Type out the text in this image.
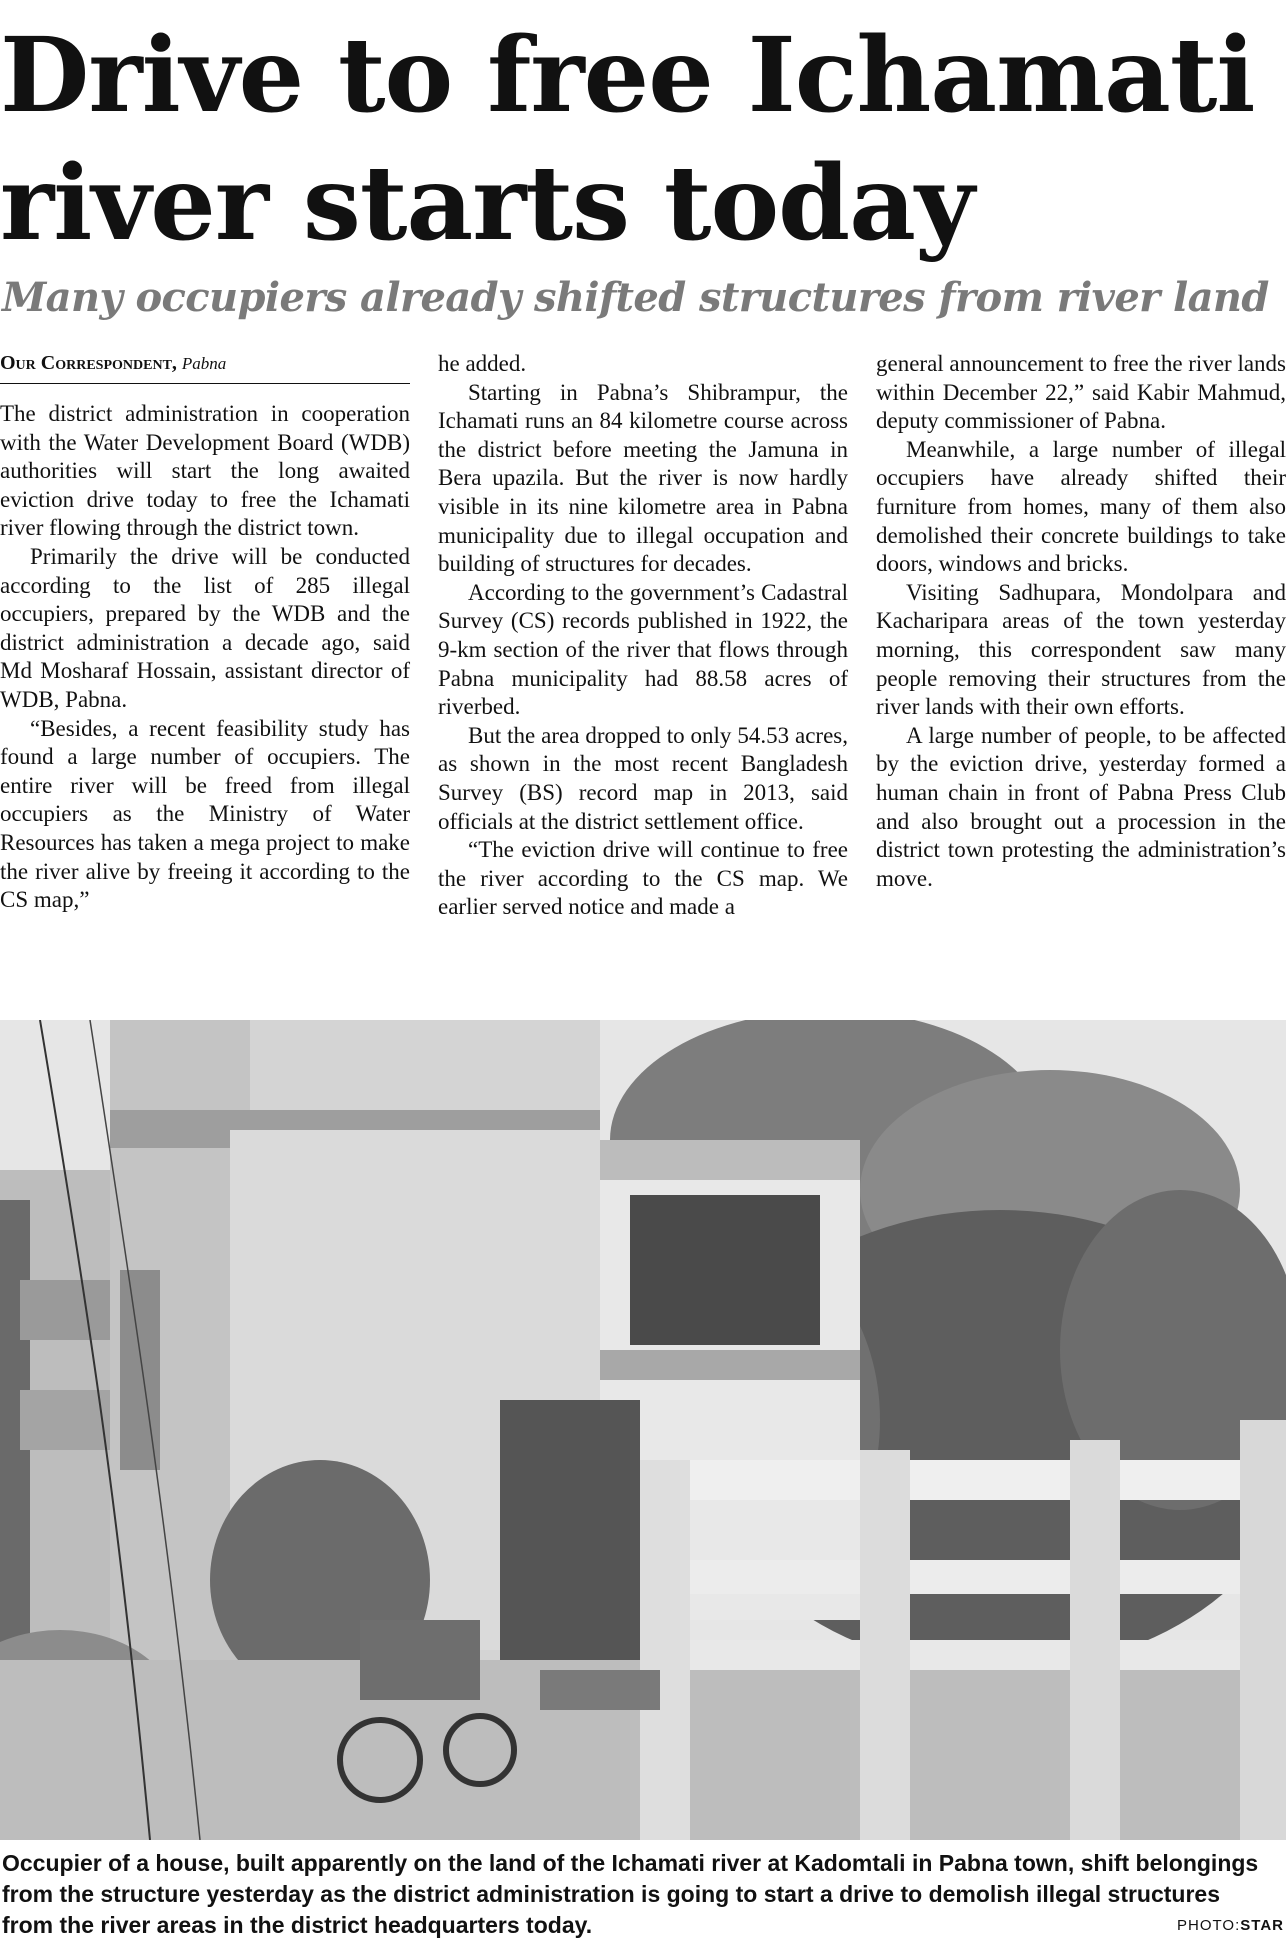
Drive to free Ichamati
river starts today
Many occupiers already shifted structures from river land
Our Correspondent, Pabna

The district administration in cooperation with the Water Development Board (WDB) authorities will start the long awaited eviction drive today to free the Ichamati river flowing through the district town.

Primarily the drive will be conducted according to the list of 285 illegal occupiers, prepared by the WDB and the district administration a decade ago, said Md Mosharaf Hossain, assistant director of WDB, Pabna.

“Besides, a recent feasibility study has found a large number of occupiers. The entire river will be freed from illegal occupiers as the Ministry of Water Resources has taken a mega project to make the river alive by freeing it according to the CS map,”

he added.

Starting in Pabna’s Shibrampur, the Ichamati runs an 84 kilometre course across the district before meeting the Jamuna in Bera upazila. But the river is now hardly visible in its nine kilometre area in Pabna municipality due to illegal occupation and building of structures for decades.

According to the government’s Cadastral Survey (CS) records published in 1922, the 9-km section of the river that flows through Pabna municipality had 88.58 acres of riverbed.

But the area dropped to only 54.53 acres, as shown in the most recent Bangladesh Survey (BS) record map in 2013, said officials at the district settlement office.

“The eviction drive will continue to free the river according to the CS map. We earlier served notice and made a

general announcement to free the river lands within December 22,” said Kabir Mahmud, deputy commissioner of Pabna.

Meanwhile, a large number of illegal occupiers have already shifted their furniture from homes, many of them also demolished their concrete buildings to take doors, windows and bricks.

Visiting Sadhupara, Mondolpara and Kacharipara areas of the town yesterday morning, this correspondent saw many people removing their structures from the river lands with their own efforts.

A large number of people, to be affected by the eviction drive, yesterday formed a human chain in front of Pabna Press Club and also brought out a procession in the district town protesting the administration’s move.

Occupier of a house, built apparently on the land of the Ichamati river at Kadomtali in Pabna town, shift belongings from the structure yesterday as the district administration is going to start a drive to demolish illegal structures from the river areas in the district headquarters today.	PHOTO:STAR
